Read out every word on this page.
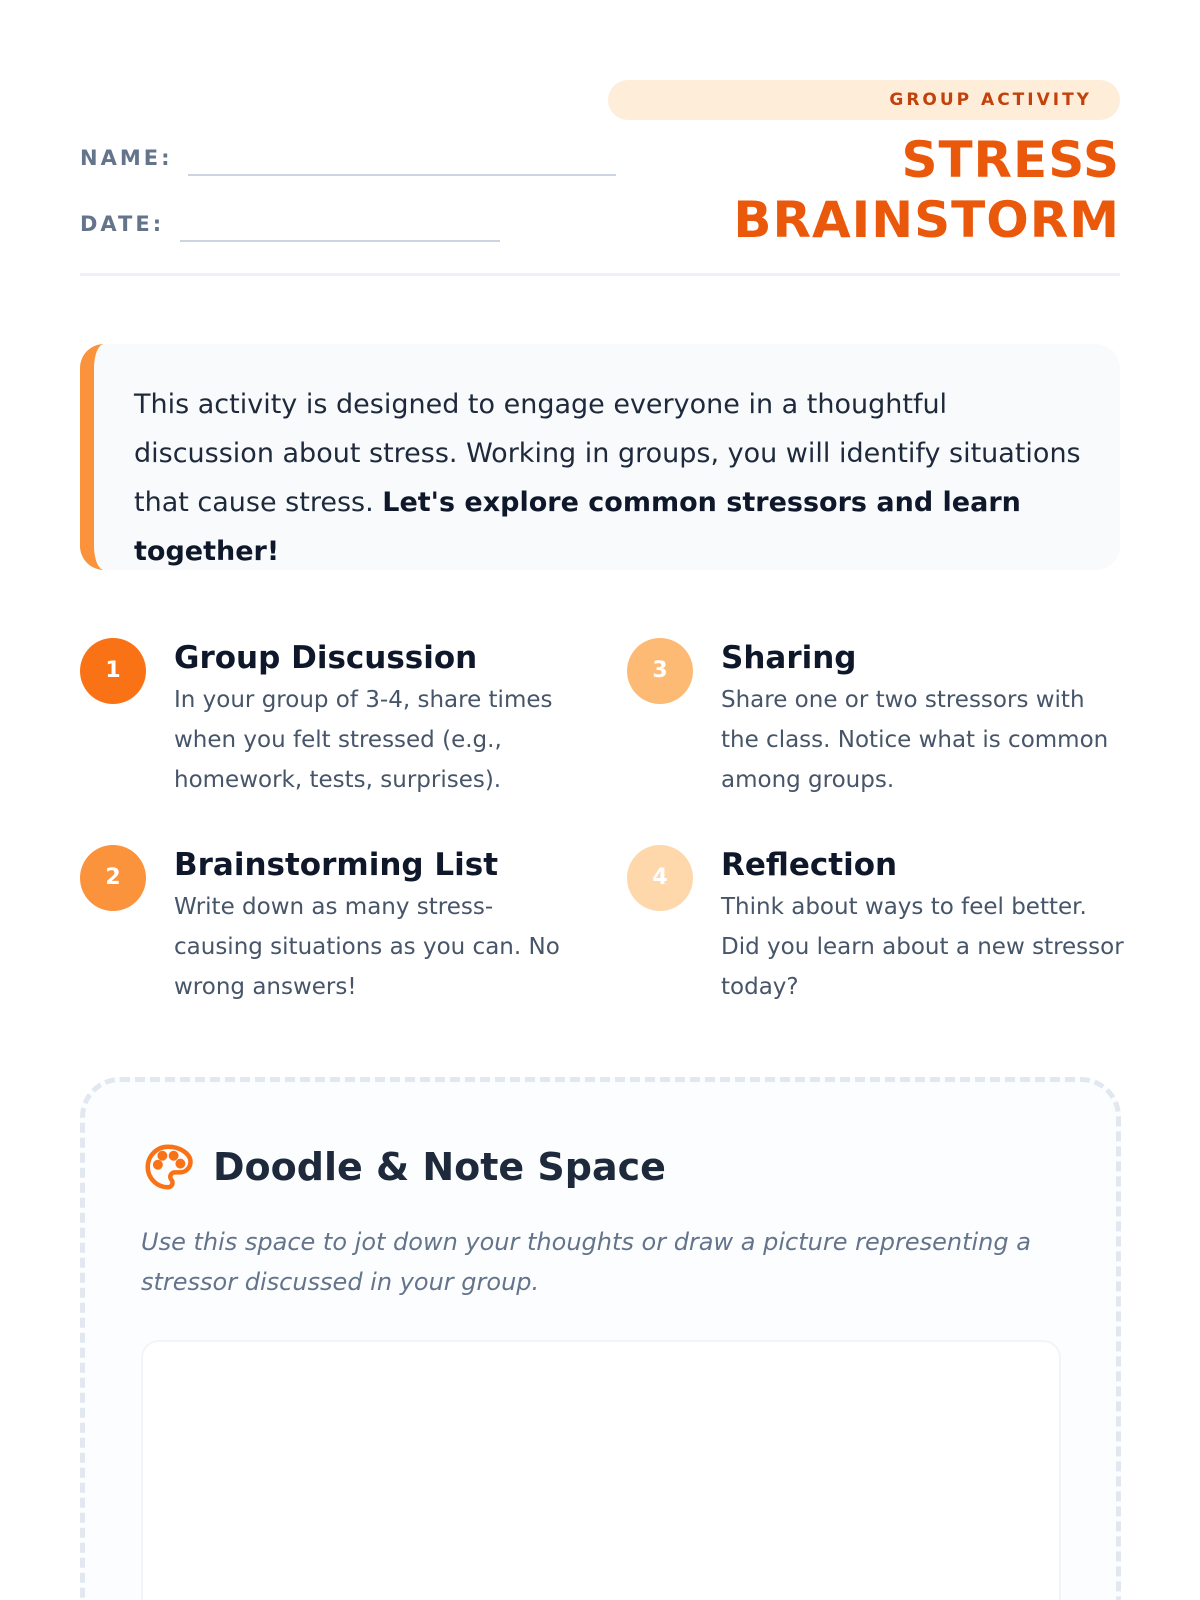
NAME:
DATE:
GROUP ACTIVITY
STRESS
BRAINSTORM

This activity is designed to engage everyone in a thoughtful discussion about stress. Working in groups, you will identify situations that cause stress. Let's explore common stressors and learn together!

1	Group Discussion
In your group of 3-4, share times when you felt stressed (e.g., homework, tests, surprises).
2	Brainstorming List
Write down as many stress-causing situations as you can. No wrong answers!
3	Sharing
Share one or two stressors with the class. Notice what is common among groups.
4	Reflection
Think about ways to feel better. Did you learn about a new stressor today?
Doodle & Note Space
Use this space to jot down your thoughts or draw a picture representing a stressor discussed in your group.
